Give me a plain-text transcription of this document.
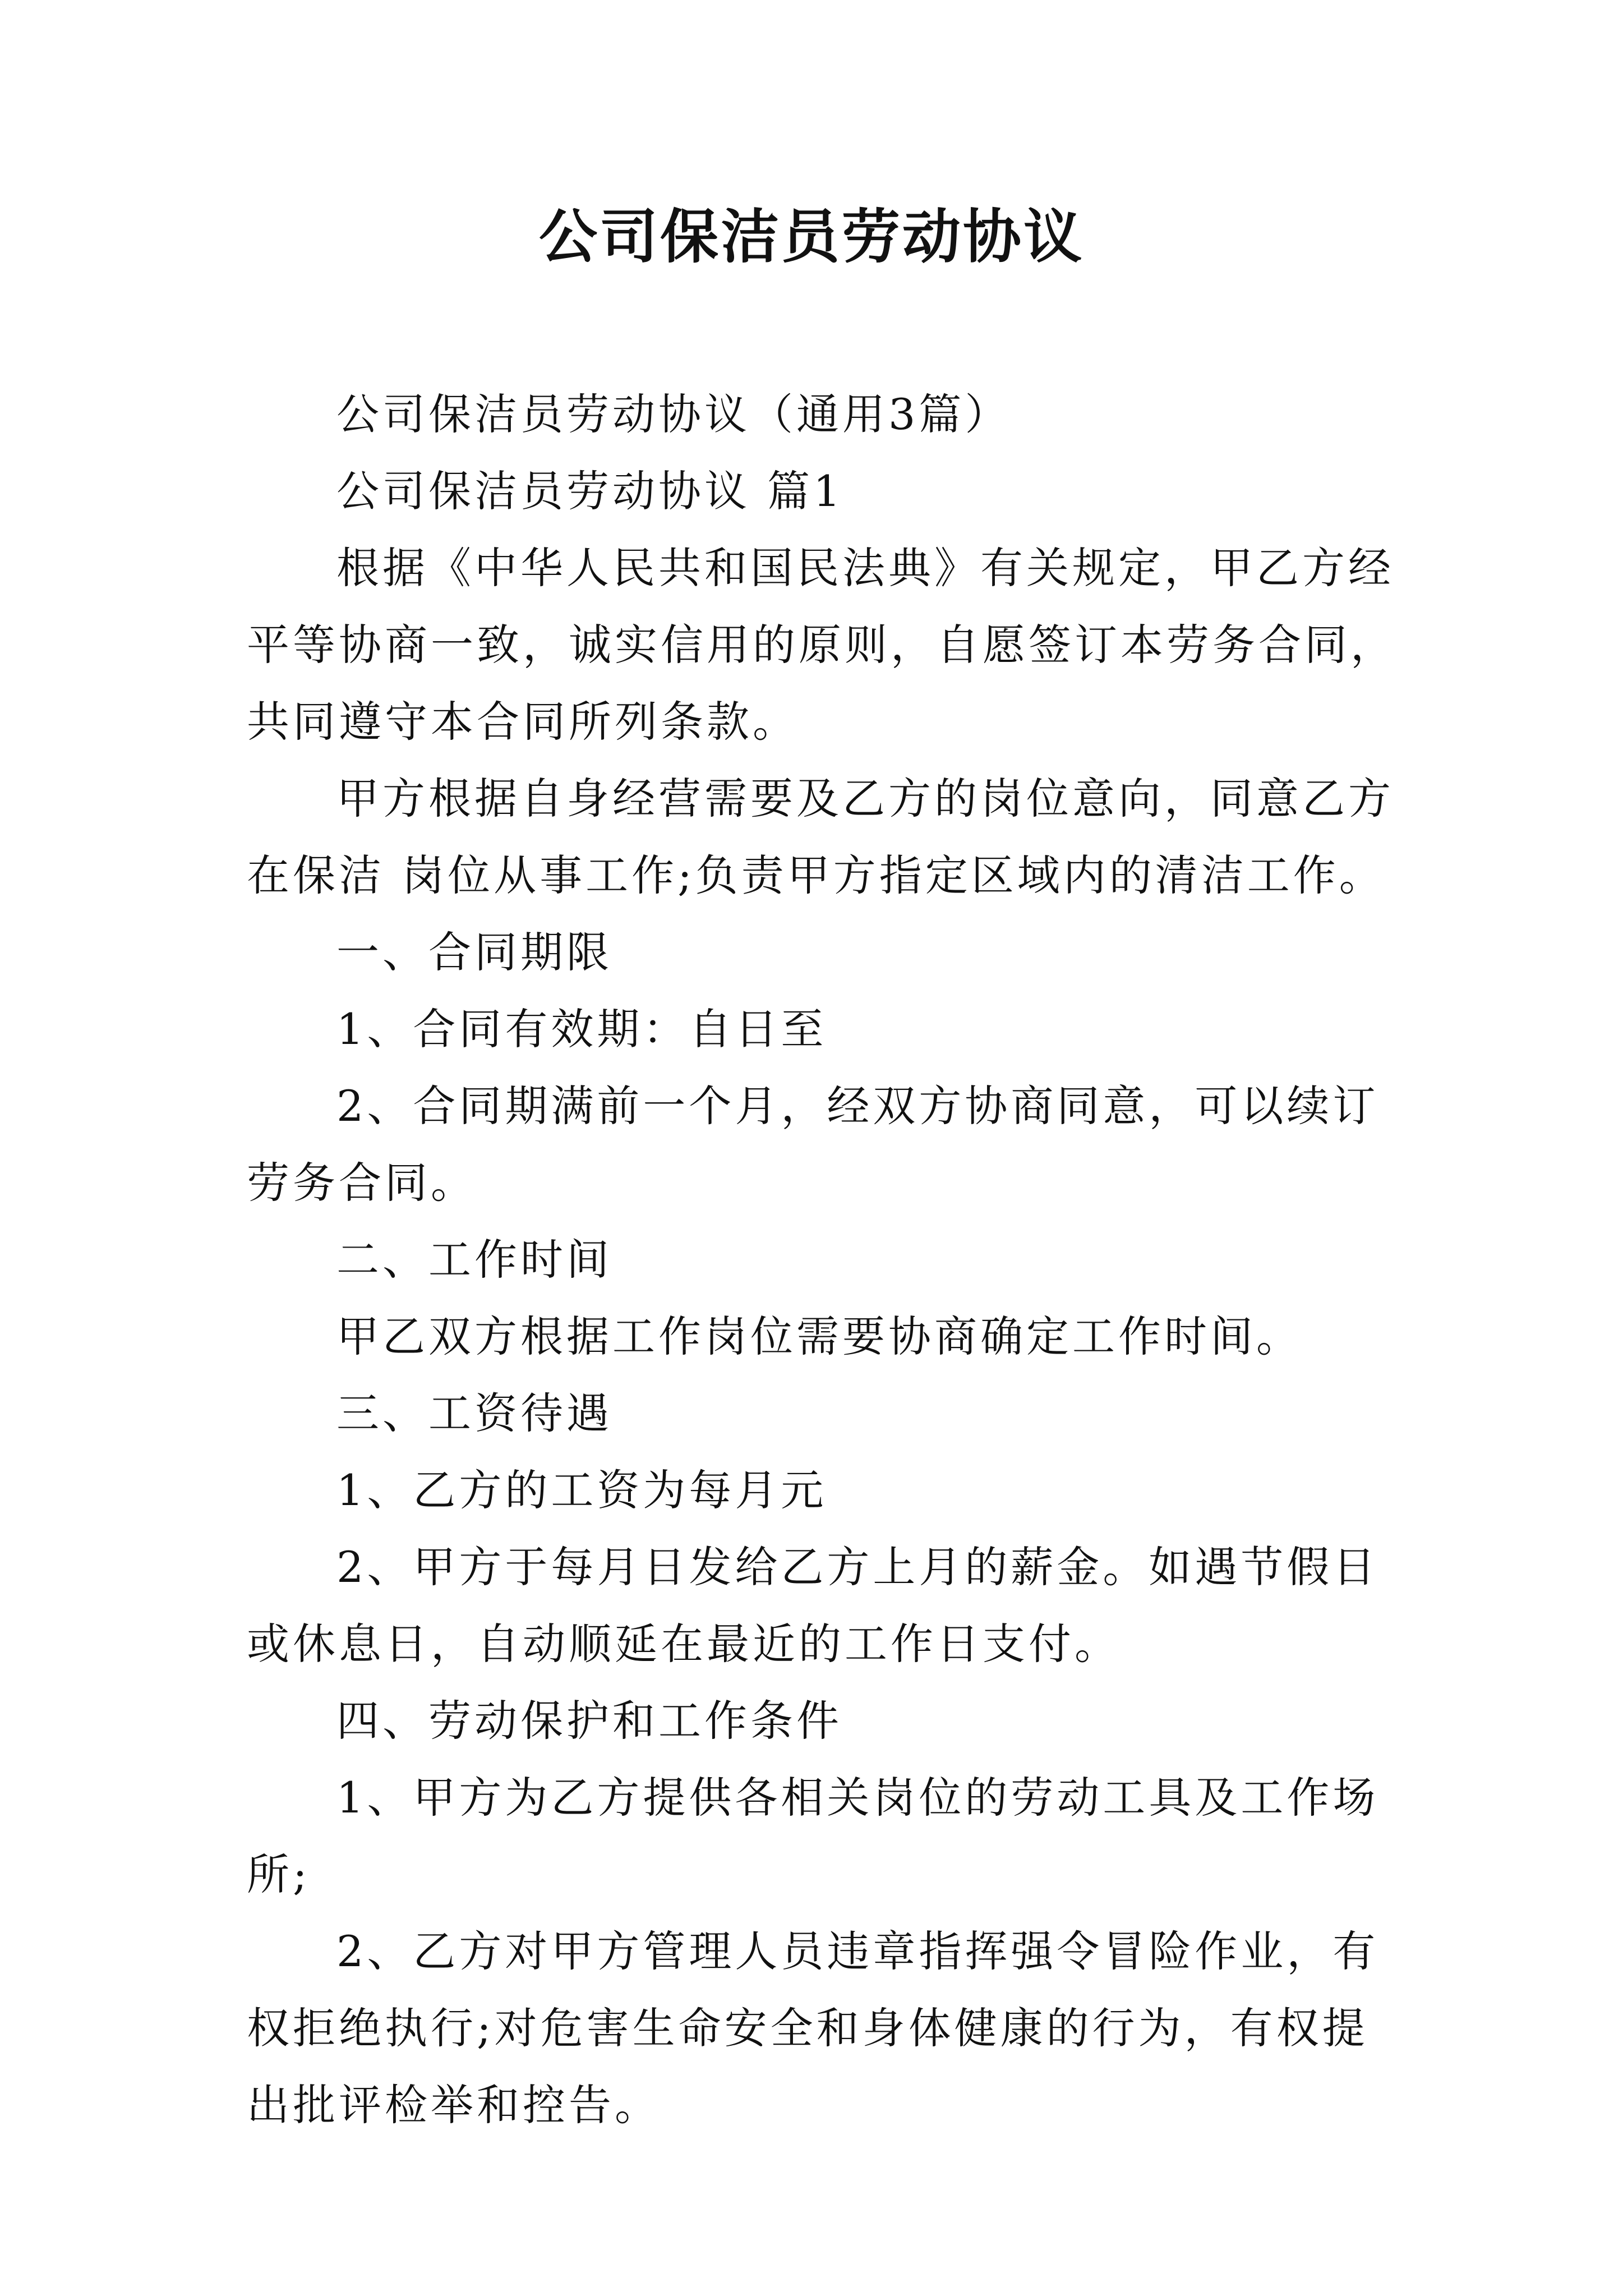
公司保洁员劳动协议

公司保洁员劳动协议（通用3篇）

公司保洁员劳动协议 篇1

根据《中华人民共和国民法典》有关规定，甲乙方经平等协商一致，诚实信用的原则，自愿签订本劳务合同，共同遵守本合同所列条款。

甲方根据自身经营需要及乙方的岗位意向，同意乙方在保洁 岗位从事工作;负责甲方指定区域内的清洁工作。

一、合同期限

1、合同有效期：自日至

2、合同期满前一个月，经双方协商同意，可以续订劳务合同。

二、工作时间

甲乙双方根据工作岗位需要协商确定工作时间。

三、工资待遇

1、乙方的工资为每月元

2、甲方于每月日发给乙方上月的薪金。如遇节假日或休息日，自动顺延在最近的工作日支付。

四、劳动保护和工作条件

1、甲方为乙方提供各相关岗位的劳动工具及工作场所;

2、乙方对甲方管理人员违章指挥强令冒险作业，有权拒绝执行;对危害生命安全和身体健康的行为，有权提出批评检举和控告。
